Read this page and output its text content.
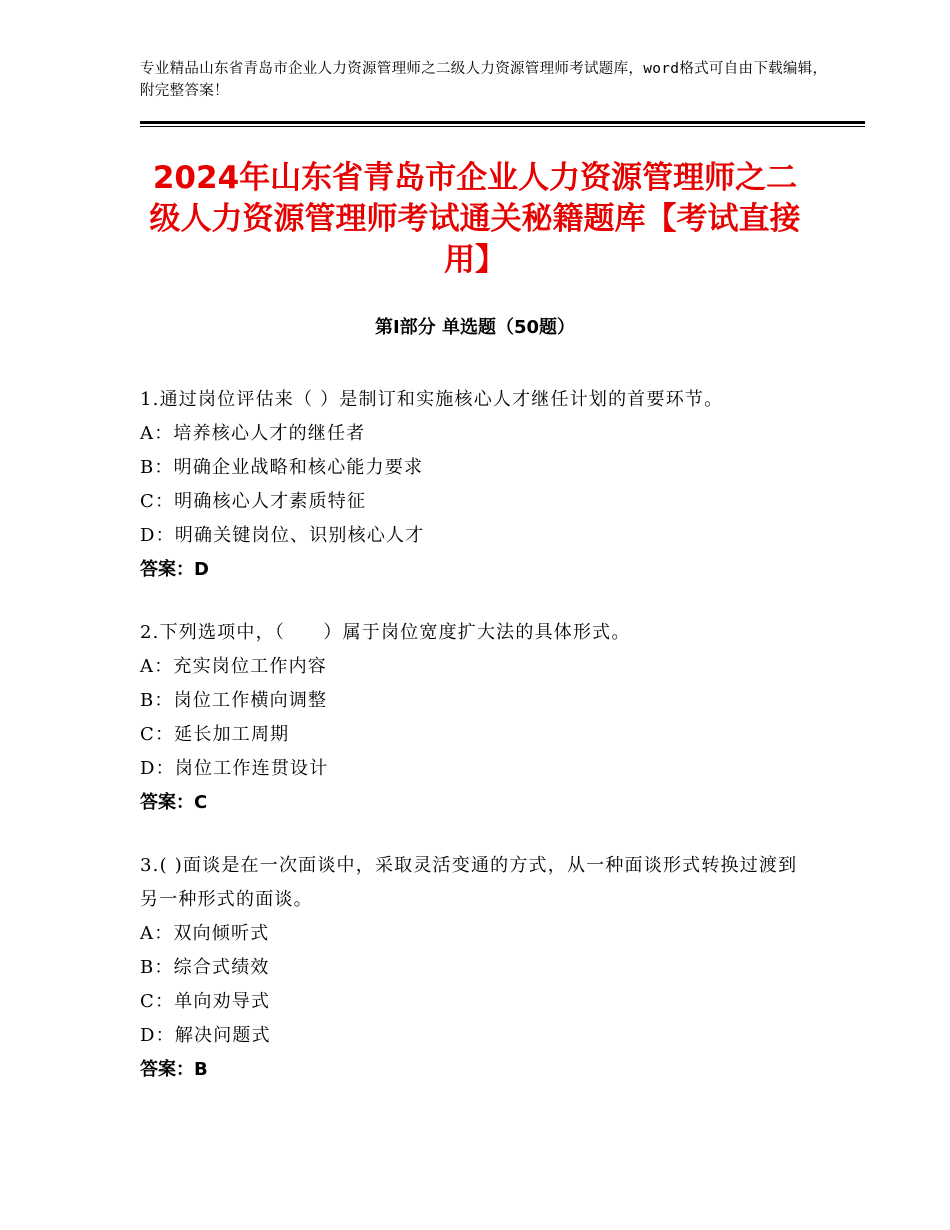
专业精品山东省青岛市企业人力资源管理师之二级人力资源管理师考试题库，word格式可自由下载编辑，附完整答案！
2024年山东省青岛市企业人力资源管理师之二级人力资源管理师考试通关秘籍题库【考试直接用】
第Ⅰ部分 单选题（50题）
1.通过岗位评估来（ ）是制订和实施核心人才继任计划的首要环节。
A：培养核心人才的继任者
B：明确企业战略和核心能力要求
C：明确核心人才素质特征
D：明确关键岗位、识别核心人才
答案：D
2.下列选项中，（　　）属于岗位宽度扩大法的具体形式。
A：充实岗位工作内容
B：岗位工作横向调整
C：延长加工周期
D：岗位工作连贯设计
答案：C
3.( )面谈是在一次面谈中，采取灵活变通的方式，从一种面谈形式转换过渡到另一种形式的面谈。
A：双向倾听式
B：综合式绩效
C：单向劝导式
D：解决问题式
答案：B
